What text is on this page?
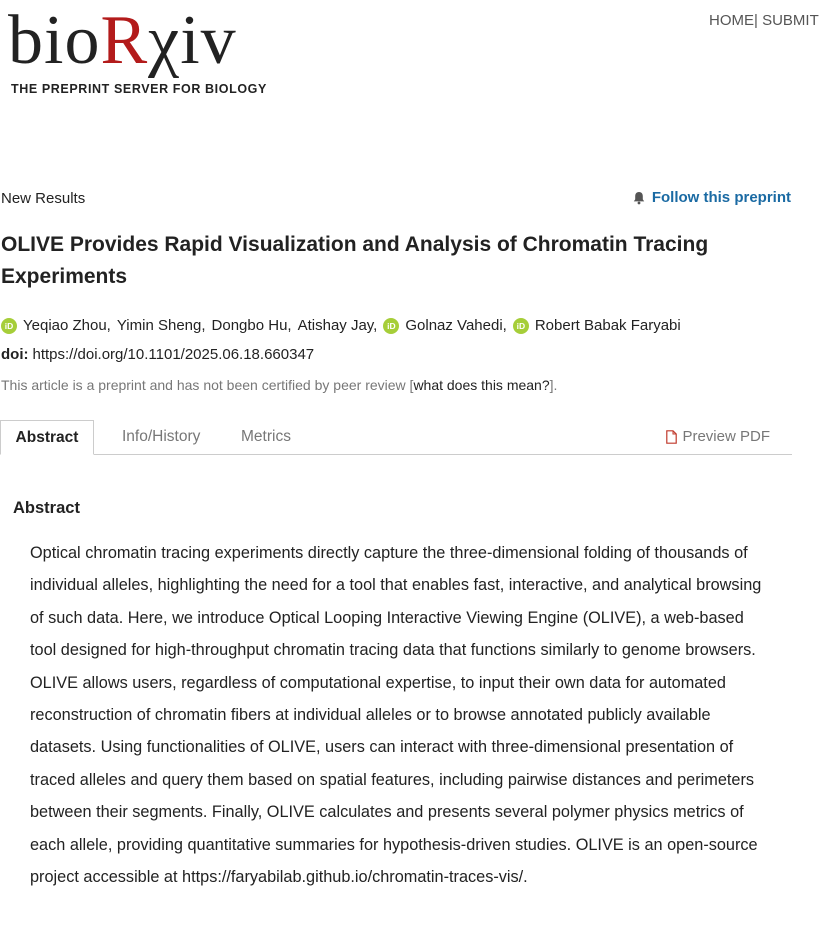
bioRχiv
THE PREPRINT SERVER FOR BIOLOGY
HOME| SUBMIT
New Results	Follow this preprint
OLIVE Provides Rapid Visualization and Analysis of Chromatin Tracing Experiments
iD Yeqiao Zhou, Yimin Sheng, Dongbo Hu, Atishay Jay,	iD Golnaz Vahedi,	iD Robert Babak Faryabi
doi: https://doi.org/10.1101/2025.06.18.660347
This article is a preprint and has not been certified by peer review [what does this mean?].
Abstract	Info/History	Metrics	Preview PDF
Abstract

Optical chromatin tracing experiments directly capture the three-dimensional folding of thousands of individual alleles, highlighting the need for a tool that enables fast, interactive, and analytical browsing of such data. Here, we introduce Optical Looping Interactive Viewing Engine (OLIVE), a web-based tool designed for high-throughput chromatin tracing data that functions similarly to genome browsers. OLIVE allows users, regardless of computational expertise, to input their own data for automated reconstruction of chromatin fibers at individual alleles or to browse annotated publicly available datasets. Using functionalities of OLIVE, users can interact with three-dimensional presentation of traced alleles and query them based on spatial features, including pairwise distances and perimeters between their segments. Finally, OLIVE calculates and presents several polymer physics metrics of each allele, providing quantitative summaries for hypothesis-driven studies. OLIVE is an open-source project accessible at https://faryabilab.github.io/chromatin-traces-vis/.
